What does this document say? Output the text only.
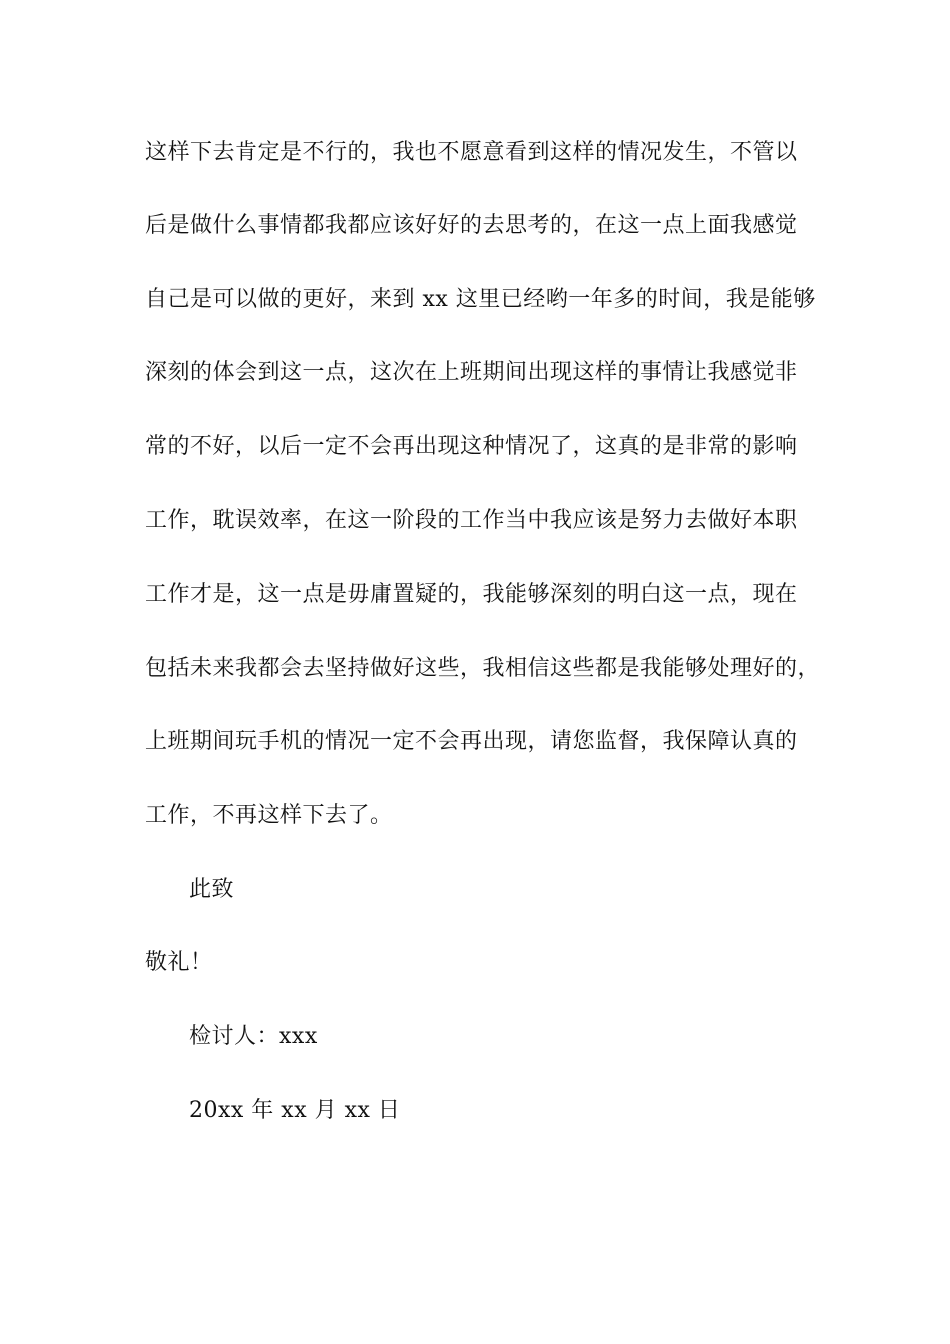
这样下去肯定是不行的，我也不愿意看到这样的情况发生，不管以
后是做什么事情都我都应该好好的去思考的，在这一点上面我感觉
自己是可以做的更好，来到 xx 这里已经哟一年多的时间，我是能够
深刻的体会到这一点，这次在上班期间出现这样的事情让我感觉非
常的不好，以后一定不会再出现这种情况了，这真的是非常的影响
工作，耽误效率，在这一阶段的工作当中我应该是努力去做好本职
工作才是，这一点是毋庸置疑的，我能够深刻的明白这一点，现在
包括未来我都会去坚持做好这些，我相信这些都是我能够处理好的，
上班期间玩手机的情况一定不会再出现，请您监督，我保障认真的
工作，不再这样下去了。
此致
敬礼！
检讨人：xxx
20xx 年 xx 月 xx 日
